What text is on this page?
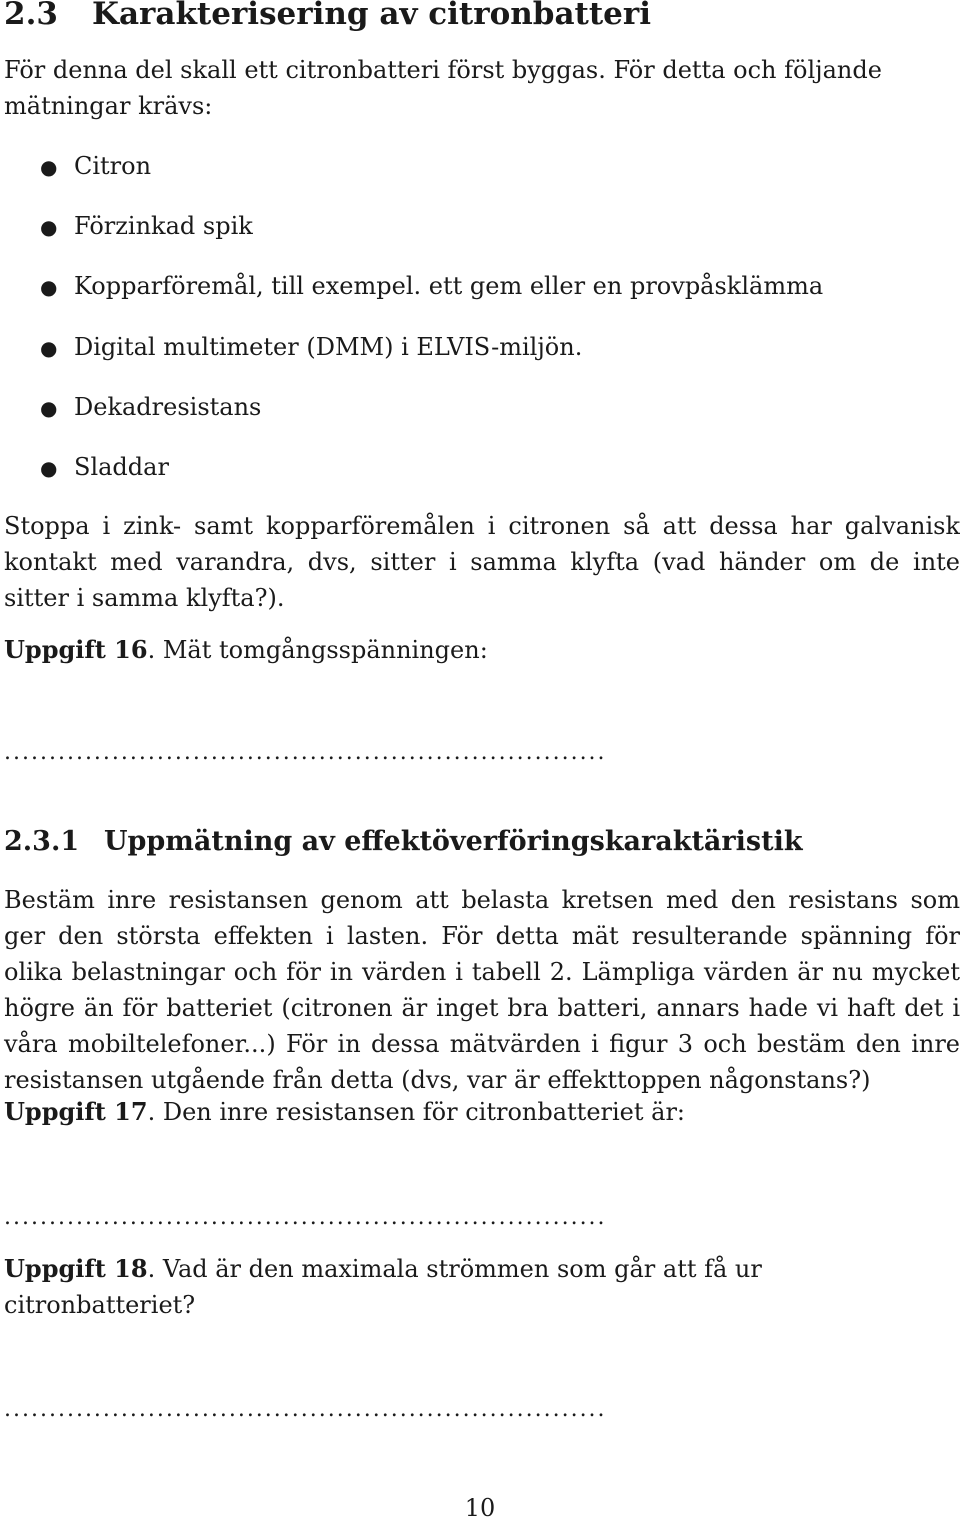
2.3 Karakterisering av citronbatteri

För denna del skall ett citronbatteri först byggas. För detta och följande mätningar krävs:

● Citron
● Förzinkad spik
● Kopparföremål, till exempel. ett gem eller en provpåsklämma
● Digital multimeter (DMM) i ELVIS-miljön.
● Dekadresistans
● Sladdar

Stoppa i zink- samt kopparföremålen i citronen så att dessa har galvanisk kontakt med varandra, dvs, sitter i samma klyfta (vad händer om de inte sitter i samma klyfta?).

Uppgift 16. Mät tomgångsspänningen:

...................................................................
2.3.1 Uppmätning av effektöverföringskaraktäristik

Bestäm inre resistansen genom att belasta kretsen med den resistans som ger den största effekten i lasten. För detta mät resulterande spänning för olika belastningar och för in värden i tabell 2. Lämpliga värden är nu mycket högre än för batteriet (citronen är inget bra batteri, annars hade vi haft det i våra mobiltelefoner...) För in dessa mätvärden i figur 3 och bestäm den inre resistansen utgående från detta (dvs, var är effekttoppen någonstans?)

Uppgift 17. Den inre resistansen för citronbatteriet är:

...................................................................

Uppgift 18. Vad är den maximala strömmen som går att få ur citronbatteriet?

...................................................................
10
